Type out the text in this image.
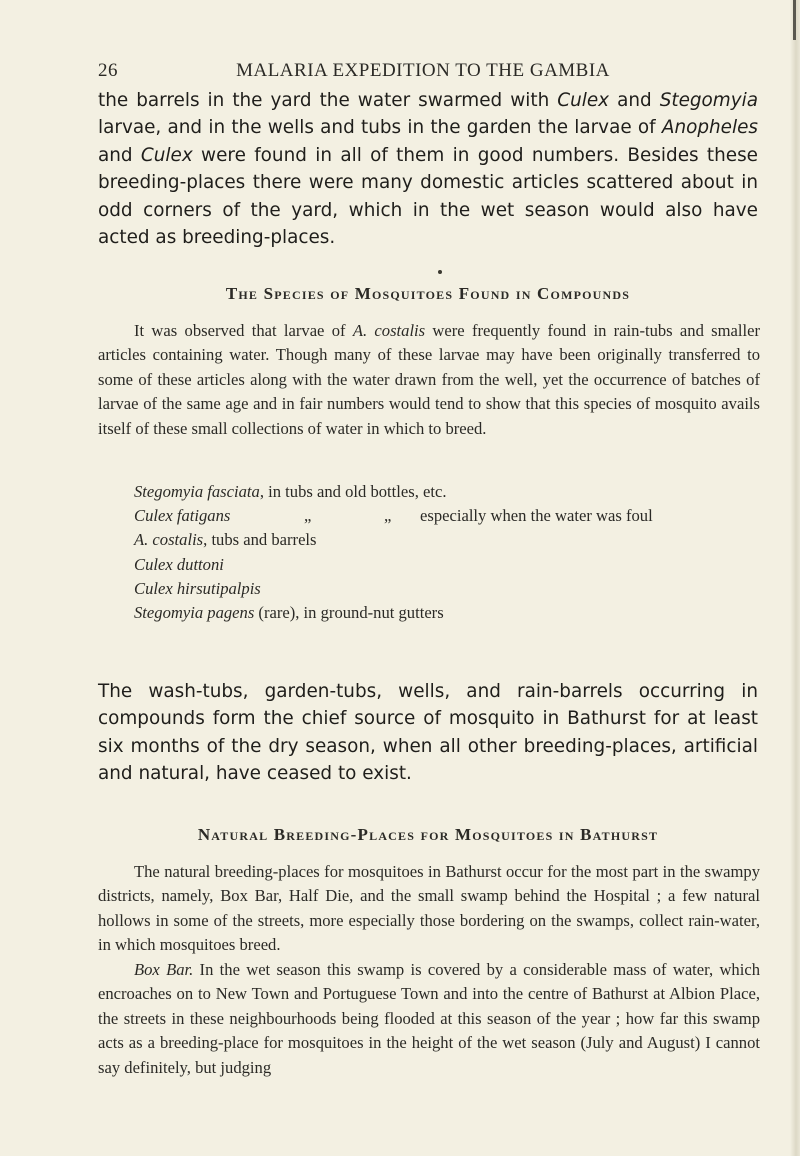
26	MALARIA EXPEDITION TO THE GAMBIA

the barrels in the yard the water swarmed with Culex and Stegomyia larvae, and in the wells and tubs in the garden the larvae of Anopheles and Culex were found in all of them in good numbers. Besides these breeding-places there were many domestic articles scattered about in odd corners of the yard, which in the wet season would also have acted as breeding-places.

The Species of Mosquitoes Found in Compounds

It was observed that larvae of A. costalis were frequently found in rain-tubs and smaller articles containing water. Though many of these larvae may have been originally transferred to some of these articles along with the water drawn from the well, yet the occurrence of batches of larvae of the same age and in fair numbers would tend to show that this species of mosquito avails itself of these small collections of water in which to breed.

Stegomyia fasciata, in tubs and old bottles, etc.
Culex fatigans	„	„ especially when the water was foul
A. costalis, tubs and barrels
Culex duttoni
Culex hirsutipalpis
Stegomyia pagens (rare), in ground-nut gutters

The wash-tubs, garden-tubs, wells, and rain-barrels occurring in compounds form the chief source of mosquito in Bathurst for at least six months of the dry season, when all other breeding-places, artificial and natural, have ceased to exist.

Natural Breeding-Places for Mosquitoes in Bathurst

The natural breeding-places for mosquitoes in Bathurst occur for the most part in the swampy districts, namely, Box Bar, Half Die, and the small swamp behind the Hospital ; a few natural hollows in some of the streets, more especially those bordering on the swamps, collect rain-water, in which mosquitoes breed.

Box Bar. In the wet season this swamp is covered by a considerable mass of water, which encroaches on to New Town and Portuguese Town and into the centre of Bathurst at Albion Place, the streets in these neighbourhoods being flooded at this season of the year ; how far this swamp acts as a breeding-place for mosquitoes in the height of the wet season (July and August) I cannot say definitely, but judging
